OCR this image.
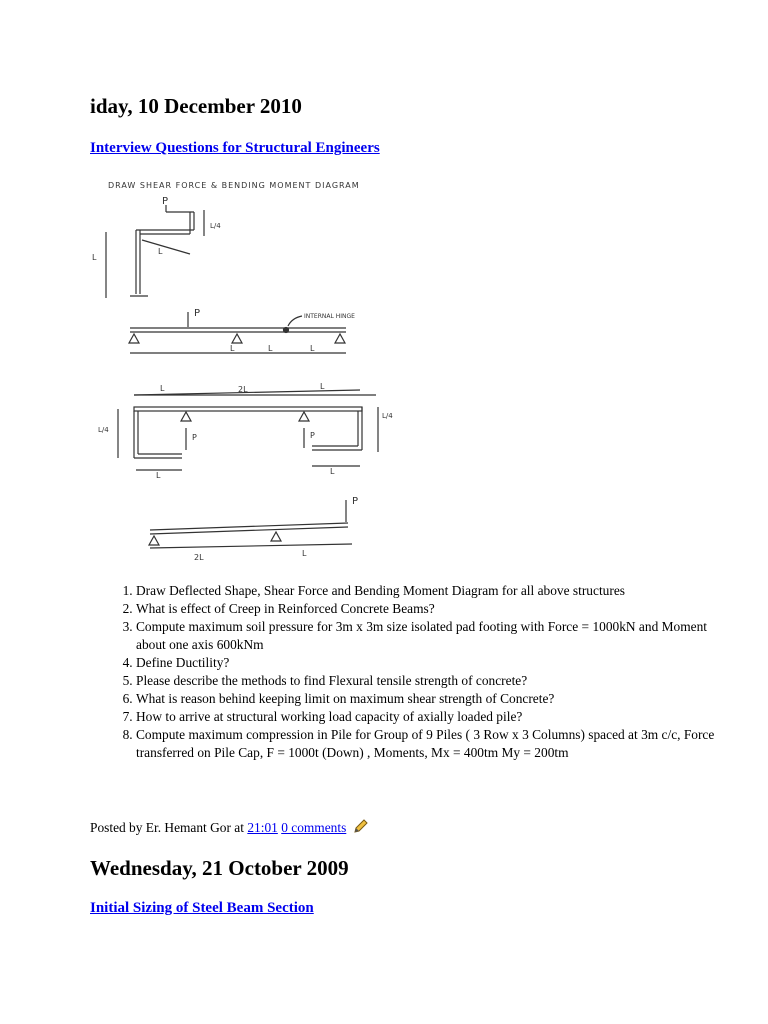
iday, 10 December 2010
Interview Questions for Structural Engineers
DRAW SHEAR FORCE & BENDING MOMENT DIAGRAM
P
L/4
L
L
P	INTERNAL HINGE
L	L	L
L	2L	L
P	P
L/4
L/4
L	L
P
2L	L
1. Draw Deflected Shape, Shear Force and Bending Moment Diagram for all above structures
2. What is effect of Creep in Reinforced Concrete Beams?
3. Compute maximum soil pressure for 3m x 3m size isolated pad footing with Force = 1000kN and Moment about one axis 600kNm
4. Define Ductility?
5. Please describe the methods to find Flexural tensile strength of concrete?
6. What is reason behind keeping limit on maximum shear strength of Concrete?
7. How to arrive at structural working load capacity of axially loaded pile?
8. Compute maximum compression in Pile for Group of 9 Piles ( 3 Row x 3 Columns) spaced at 3m c/c, Force transferred on Pile Cap, F = 1000t (Down) , Moments, Mx = 400tm My = 200tm
Posted by Er. Hemant Gor at 21:01 0 comments
Wednesday, 21 October 2009
Initial Sizing of Steel Beam Section
